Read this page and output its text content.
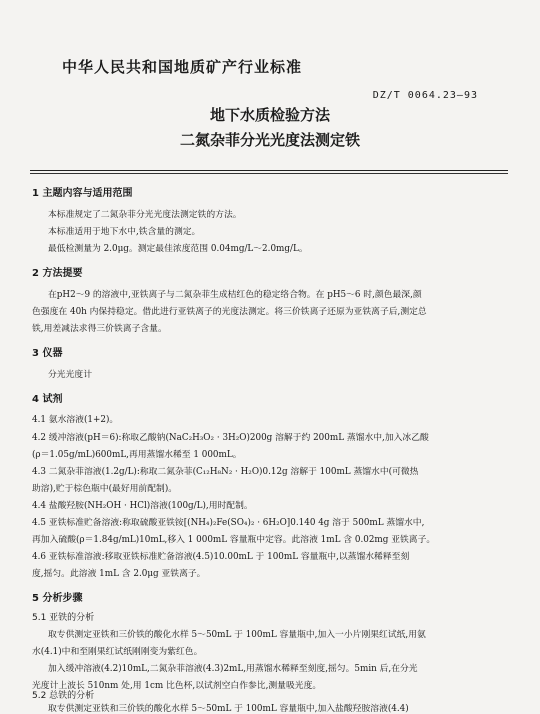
中华人民共和国地质矿产行业标准
DZ/T 0064.23—93
地下水质检验方法
二氮杂菲分光光度法测定铁
1 主题内容与适用范围
本标准规定了二氮杂菲分光光度法测定铁的方法。
本标准适用于地下水中,铁含量的测定。
最低检测量为 2.0μg。测定最佳浓度范围 0.04mg/L～2.0mg/L。
2 方法提要
在pH2～9 的溶液中,亚铁离子与二氮杂菲生成桔红色的稳定络合物。在 pH5～6 时,颜色最深,颜
色强度在 40h 内保持稳定。借此进行亚铁离子的光度法测定。将三价铁离子还原为亚铁离子后,测定总
铁,用差减法求得三价铁离子含量。
3 仪器
分光光度计
4 试剂
4.1 氨水溶液(1+2)。
4.2 缓冲溶液(pH＝6):称取乙酸钠(NaC₂H₃O₂ · 3H₂O)200g 溶解于约 200mL 蒸馏水中,加入冰乙酸
(ρ＝1.05g/mL)600mL,再用蒸馏水稀至 1 000mL。
4.3 二氮杂菲溶液(1.2g/L):称取二氮杂菲(C₁₂H₈N₂ · H₂O)0.12g 溶解于 100mL 蒸馏水中(可微热
助溶),贮于棕色瓶中(最好用前配制)。
4.4 盐酸羟胺(NH₂OH · HCl)溶液(100g/L),用时配制。
4.5 亚铁标准贮备溶液:称取硫酸亚铁铵[(NH₄)₂Fe(SO₄)₂ · 6H₂O]0.140 4g 溶于 500mL 蒸馏水中,
再加入硫酸(ρ＝1.84g/mL)10mL,移入 1 000mL 容量瓶中定容。此溶液 1mL 含 0.02mg 亚铁离子。
4.6 亚铁标准溶液:移取亚铁标准贮备溶液(4.5)10.00mL 于 100mL 容量瓶中,以蒸馏水稀释至刻
度,摇匀。此溶液 1mL 含 2.0μg 亚铁离子。
5 分析步骤
5.1 亚铁的分析
取专供测定亚铁和三价铁的酸化水样 5～50mL 于 100mL 容量瓶中,加入一小片刚果红试纸,用氨
水(4.1)中和至刚果红试纸刚刚变为紫红色。
加入缓冲溶液(4.2)10mL,二氮杂菲溶液(4.3)2mL,用蒸馏水稀释至刻度,摇匀。5min 后,在分光
光度计上波长 510nm 处,用 1cm 比色杯,以试剂空白作参比,测量吸光度。
5.2 总铁的分析
取专供测定亚铁和三价铁的酸化水样 5～50mL 于 100mL 容量瓶中,加入盐酸羟胺溶液(4.4)
